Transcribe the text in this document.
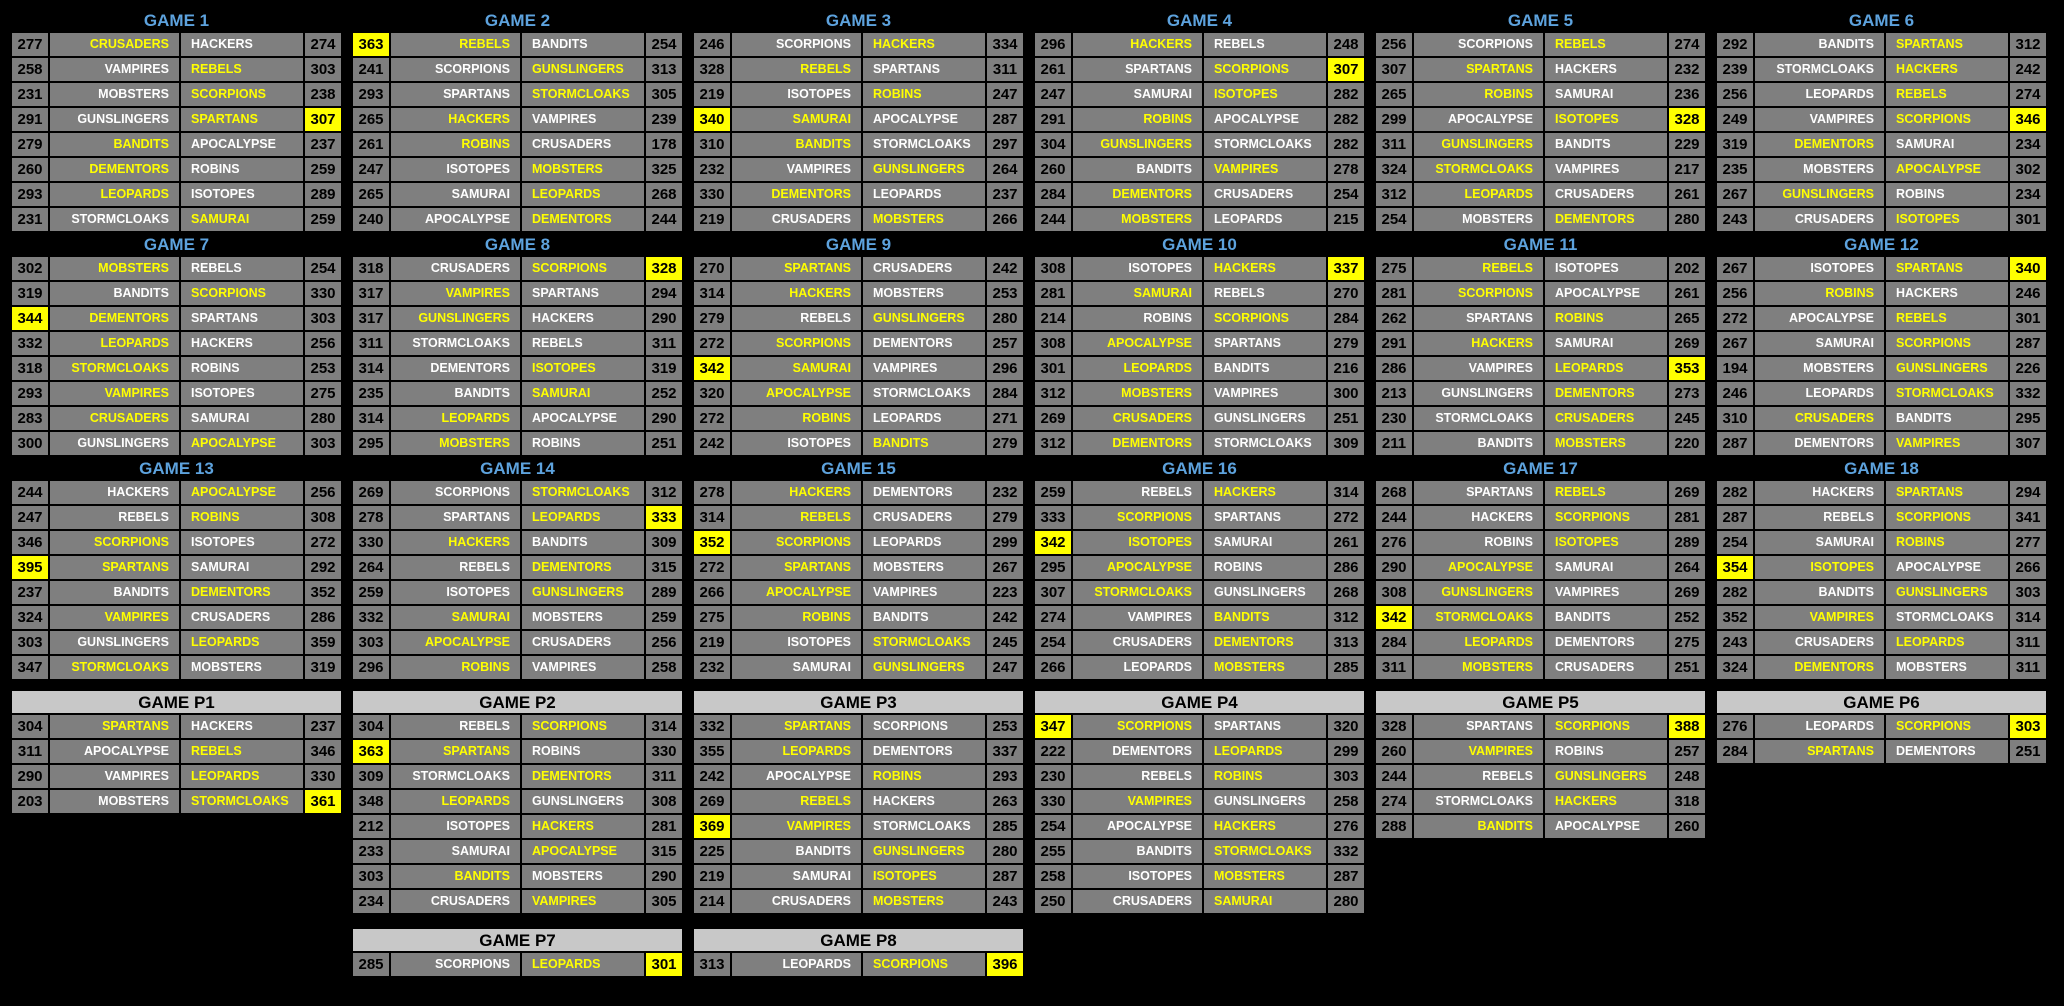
GAME 1
277	CRUSADERS	HACKERS	274
258	VAMPIRES	REBELS	303
231	MOBSTERS	SCORPIONS	238
291	GUNSLINGERS	SPARTANS	307
279	BANDITS	APOCALYPSE	237
260	DEMENTORS	ROBINS	259
293	LEOPARDS	ISOTOPES	289
231	STORMCLOAKS	SAMURAI	259
GAME 2
363	REBELS	BANDITS	254
241	SCORPIONS	GUNSLINGERS	313
293	SPARTANS	STORMCLOAKS	305
265	HACKERS	VAMPIRES	239
261	ROBINS	CRUSADERS	178
247	ISOTOPES	MOBSTERS	325
265	SAMURAI	LEOPARDS	268
240	APOCALYPSE	DEMENTORS	244
GAME 3
246	SCORPIONS	HACKERS	334
328	REBELS	SPARTANS	311
219	ISOTOPES	ROBINS	247
340	SAMURAI	APOCALYPSE	287
310	BANDITS	STORMCLOAKS	297
232	VAMPIRES	GUNSLINGERS	264
330	DEMENTORS	LEOPARDS	237
219	CRUSADERS	MOBSTERS	266
GAME 4
296	HACKERS	REBELS	248
261	SPARTANS	SCORPIONS	307
247	SAMURAI	ISOTOPES	282
291	ROBINS	APOCALYPSE	282
304	GUNSLINGERS	STORMCLOAKS	282
260	BANDITS	VAMPIRES	278
284	DEMENTORS	CRUSADERS	254
244	MOBSTERS	LEOPARDS	215
GAME 5
256	SCORPIONS	REBELS	274
307	SPARTANS	HACKERS	232
265	ROBINS	SAMURAI	236
299	APOCALYPSE	ISOTOPES	328
311	GUNSLINGERS	BANDITS	229
324	STORMCLOAKS	VAMPIRES	217
312	LEOPARDS	CRUSADERS	261
254	MOBSTERS	DEMENTORS	280
GAME 6
292	BANDITS	SPARTANS	312
239	STORMCLOAKS	HACKERS	242
256	LEOPARDS	REBELS	274
249	VAMPIRES	SCORPIONS	346
319	DEMENTORS	SAMURAI	234
235	MOBSTERS	APOCALYPSE	302
267	GUNSLINGERS	ROBINS	234
243	CRUSADERS	ISOTOPES	301
GAME 7
302	MOBSTERS	REBELS	254
319	BANDITS	SCORPIONS	330
344	DEMENTORS	SPARTANS	303
332	LEOPARDS	HACKERS	256
318	STORMCLOAKS	ROBINS	253
293	VAMPIRES	ISOTOPES	275
283	CRUSADERS	SAMURAI	280
300	GUNSLINGERS	APOCALYPSE	303
GAME 8
318	CRUSADERS	SCORPIONS	328
317	VAMPIRES	SPARTANS	294
317	GUNSLINGERS	HACKERS	290
311	STORMCLOAKS	REBELS	311
314	DEMENTORS	ISOTOPES	319
235	BANDITS	SAMURAI	252
314	LEOPARDS	APOCALYPSE	290
295	MOBSTERS	ROBINS	251
GAME 9
270	SPARTANS	CRUSADERS	242
314	HACKERS	MOBSTERS	253
279	REBELS	GUNSLINGERS	280
272	SCORPIONS	DEMENTORS	257
342	SAMURAI	VAMPIRES	296
320	APOCALYPSE	STORMCLOAKS	284
272	ROBINS	LEOPARDS	271
242	ISOTOPES	BANDITS	279
GAME 10
308	ISOTOPES	HACKERS	337
281	SAMURAI	REBELS	270
214	ROBINS	SCORPIONS	284
308	APOCALYPSE	SPARTANS	279
301	LEOPARDS	BANDITS	216
312	MOBSTERS	VAMPIRES	300
269	CRUSADERS	GUNSLINGERS	251
312	DEMENTORS	STORMCLOAKS	309
GAME 11
275	REBELS	ISOTOPES	202
281	SCORPIONS	APOCALYPSE	261
262	SPARTANS	ROBINS	265
291	HACKERS	SAMURAI	269
286	VAMPIRES	LEOPARDS	353
213	GUNSLINGERS	DEMENTORS	273
230	STORMCLOAKS	CRUSADERS	245
211	BANDITS	MOBSTERS	220
GAME 12
267	ISOTOPES	SPARTANS	340
256	ROBINS	HACKERS	246
272	APOCALYPSE	REBELS	301
267	SAMURAI	SCORPIONS	287
194	MOBSTERS	GUNSLINGERS	226
246	LEOPARDS	STORMCLOAKS	332
310	CRUSADERS	BANDITS	295
287	DEMENTORS	VAMPIRES	307
GAME 13
244	HACKERS	APOCALYPSE	256
247	REBELS	ROBINS	308
346	SCORPIONS	ISOTOPES	272
395	SPARTANS	SAMURAI	292
237	BANDITS	DEMENTORS	352
324	VAMPIRES	CRUSADERS	286
303	GUNSLINGERS	LEOPARDS	359
347	STORMCLOAKS	MOBSTERS	319
GAME 14
269	SCORPIONS	STORMCLOAKS	312
278	SPARTANS	LEOPARDS	333
330	HACKERS	BANDITS	309
264	REBELS	DEMENTORS	315
259	ISOTOPES	GUNSLINGERS	289
332	SAMURAI	MOBSTERS	259
303	APOCALYPSE	CRUSADERS	256
296	ROBINS	VAMPIRES	258
GAME 15
278	HACKERS	DEMENTORS	232
314	REBELS	CRUSADERS	279
352	SCORPIONS	LEOPARDS	299
272	SPARTANS	MOBSTERS	267
266	APOCALYPSE	VAMPIRES	223
275	ROBINS	BANDITS	242
219	ISOTOPES	STORMCLOAKS	245
232	SAMURAI	GUNSLINGERS	247
GAME 16
259	REBELS	HACKERS	314
333	SCORPIONS	SPARTANS	272
342	ISOTOPES	SAMURAI	261
295	APOCALYPSE	ROBINS	286
307	STORMCLOAKS	GUNSLINGERS	268
274	VAMPIRES	BANDITS	312
254	CRUSADERS	DEMENTORS	313
266	LEOPARDS	MOBSTERS	285
GAME 17
268	SPARTANS	REBELS	269
244	HACKERS	SCORPIONS	281
276	ROBINS	ISOTOPES	289
290	APOCALYPSE	SAMURAI	264
308	GUNSLINGERS	VAMPIRES	269
342	STORMCLOAKS	BANDITS	252
284	LEOPARDS	DEMENTORS	275
311	MOBSTERS	CRUSADERS	251
GAME 18
282	HACKERS	SPARTANS	294
287	REBELS	SCORPIONS	341
254	SAMURAI	ROBINS	277
354	ISOTOPES	APOCALYPSE	266
282	BANDITS	GUNSLINGERS	303
352	VAMPIRES	STORMCLOAKS	314
243	CRUSADERS	LEOPARDS	311
324	DEMENTORS	MOBSTERS	311
GAME P1
304	SPARTANS	HACKERS	237
311	APOCALYPSE	REBELS	346
290	VAMPIRES	LEOPARDS	330
203	MOBSTERS	STORMCLOAKS	361
GAME P2
304	REBELS	SCORPIONS	314
363	SPARTANS	ROBINS	330
309	STORMCLOAKS	DEMENTORS	311
348	LEOPARDS	GUNSLINGERS	308
212	ISOTOPES	HACKERS	281
233	SAMURAI	APOCALYPSE	315
303	BANDITS	MOBSTERS	290
234	CRUSADERS	VAMPIRES	305
GAME P3
332	SPARTANS	SCORPIONS	253
355	LEOPARDS	DEMENTORS	337
242	APOCALYPSE	ROBINS	293
269	REBELS	HACKERS	263
369	VAMPIRES	STORMCLOAKS	285
225	BANDITS	GUNSLINGERS	280
219	SAMURAI	ISOTOPES	287
214	CRUSADERS	MOBSTERS	243
GAME P4
347	SCORPIONS	SPARTANS	320
222	DEMENTORS	LEOPARDS	299
230	REBELS	ROBINS	303
330	VAMPIRES	GUNSLINGERS	258
254	APOCALYPSE	HACKERS	276
255	BANDITS	STORMCLOAKS	332
258	ISOTOPES	MOBSTERS	287
250	CRUSADERS	SAMURAI	280
GAME P5
328	SPARTANS	SCORPIONS	388
260	VAMPIRES	ROBINS	257
244	REBELS	GUNSLINGERS	248
274	STORMCLOAKS	HACKERS	318
288	BANDITS	APOCALYPSE	260
GAME P6
276	LEOPARDS	SCORPIONS	303
284	SPARTANS	DEMENTORS	251
GAME P7
285	SCORPIONS	LEOPARDS	301
GAME P8
313	LEOPARDS	SCORPIONS	396
